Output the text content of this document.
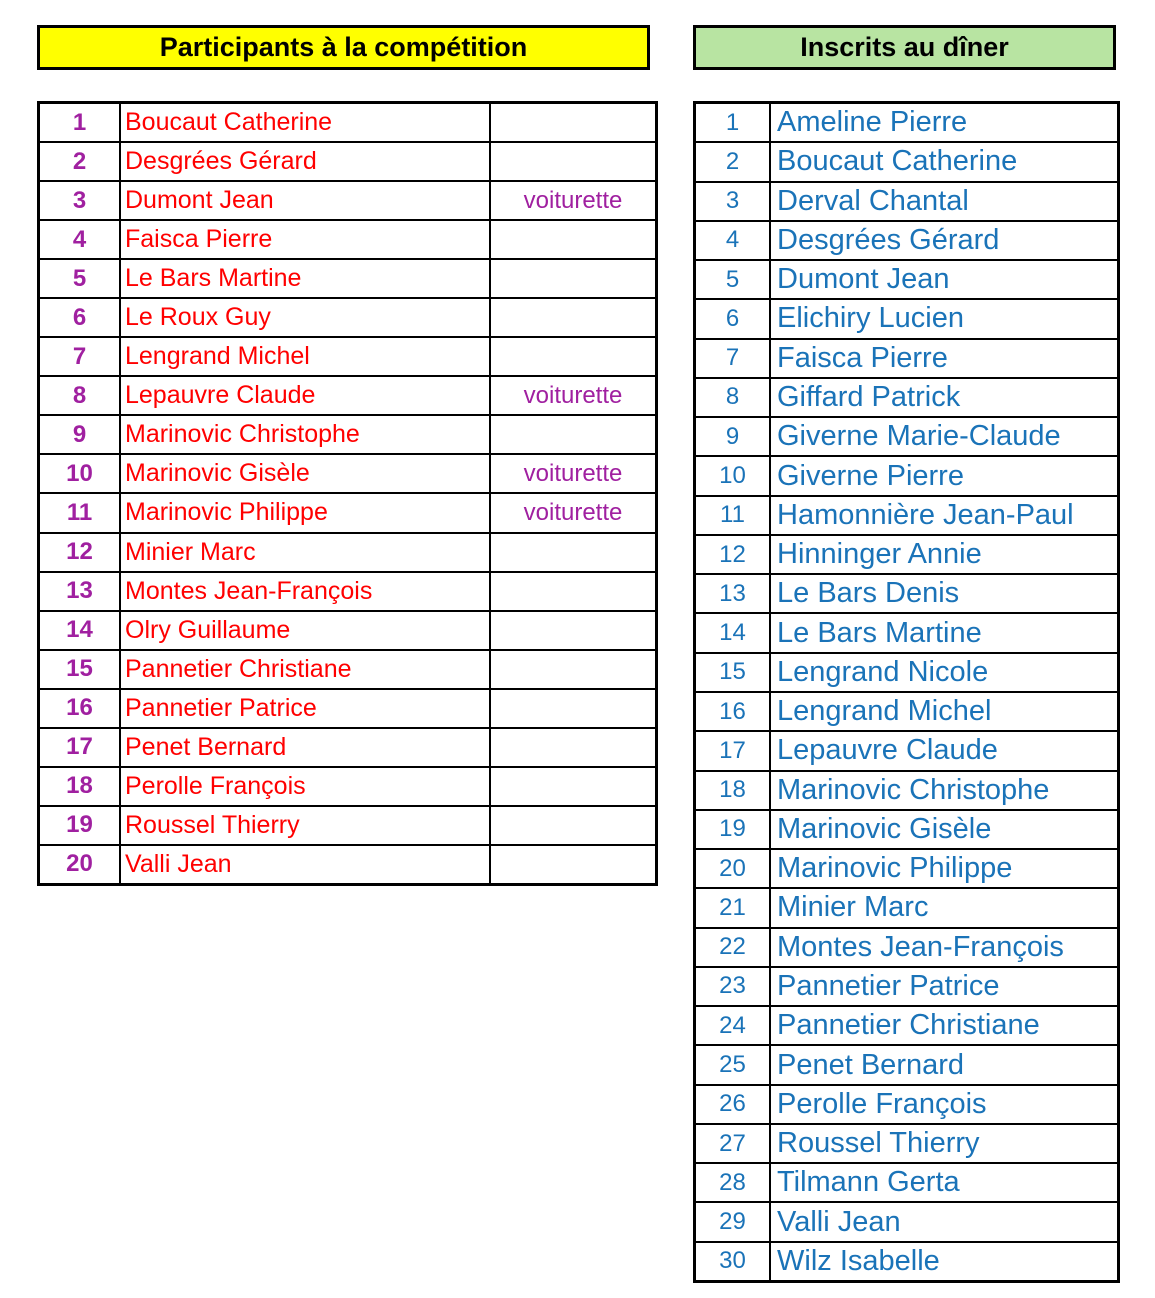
Participants à la compétition	Inscrits au dîner
1	Boucaut Catherine	
2	Desgrées Gérard	
3	Dumont Jean	voiturette
4	Faisca Pierre	
5	Le Bars Martine	
6	Le Roux Guy	
7	Lengrand Michel	
8	Lepauvre Claude	voiturette
9	Marinovic Christophe	
10	Marinovic Gisèle	voiturette
11	Marinovic Philippe	voiturette
12	Minier Marc	
13	Montes Jean-François	
14	Olry Guillaume	
15	Pannetier Christiane	
16	Pannetier Patrice	
17	Penet Bernard	
18	Perolle François	
19	Roussel Thierry	
20	Valli Jean	
1	Ameline Pierre
2	Boucaut Catherine
3	Derval Chantal
4	Desgrées Gérard
5	Dumont Jean
6	Elichiry Lucien
7	Faisca Pierre
8	Giffard Patrick
9	Giverne Marie-Claude
10	Giverne Pierre
11	Hamonnière Jean-Paul
12	Hinninger Annie
13	Le Bars Denis
14	Le Bars Martine
15	Lengrand Nicole
16	Lengrand Michel
17	Lepauvre Claude
18	Marinovic Christophe
19	Marinovic Gisèle
20	Marinovic Philippe
21	Minier Marc
22	Montes Jean-François
23	Pannetier Patrice
24	Pannetier Christiane
25	Penet Bernard
26	Perolle François
27	Roussel Thierry
28	Tilmann Gerta
29	Valli Jean
30	Wilz Isabelle
